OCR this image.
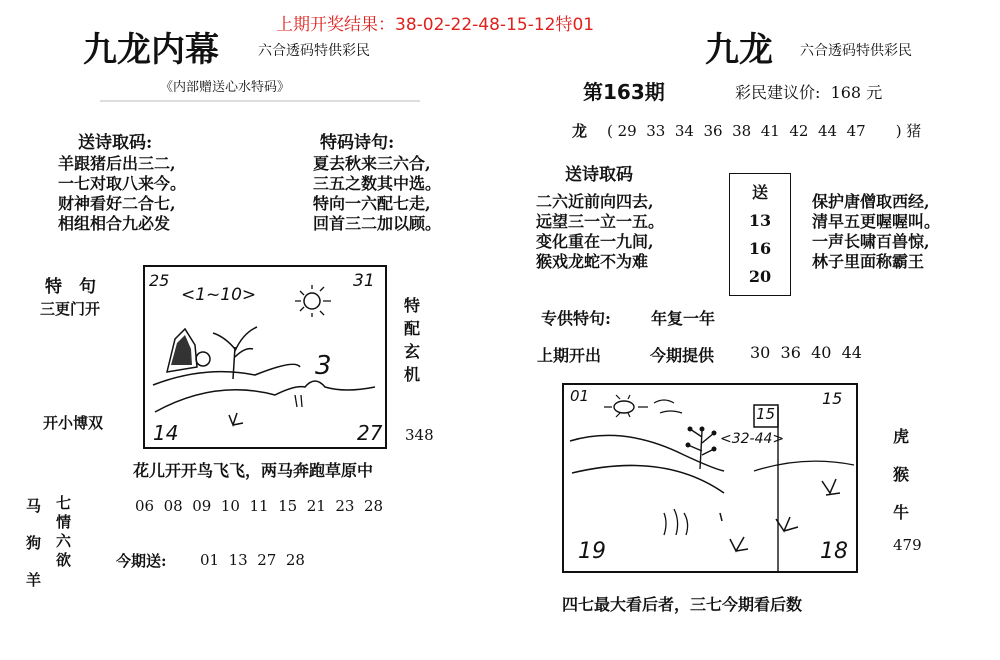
上期开奖结果：38-02-22-48-15-12特01
九龙内幕	六合透码特供彩民
《内部赠送心水特码》
送诗取码:
羊跟猪后出三二,
一七对取八来今。
财神看好二合七,
相组相合九必发
特码诗句:
夏去秋来三六合,
三五之数其中选。
特向一六配七走,
回首三二加以顾。
特　句
三更门开
开小博双
25	31
<1~10>
3
14	27
特
配
玄
机
348
花儿开开鸟飞飞，两马奔跑草原中
马
狗
羊
七
情
六
欲
06  08  09  10  11  15  21  23  28
今期送: 01  13  27  28
九龙 六合透码特供彩民
第163期	彩民建议价:  168 元
龙 ( 29  33  34  36  38  41  42  44  47　　) 猪
送诗取码
二六近前向四去,
远望三一立一五。
变化重在一九间,
猴戏龙蛇不为难
送
13
16
20
保护唐僧取西经,
清早五更喔喔叫。
一声长啸百兽惊,
林子里面称霸王
专供特句:	年复一年
上期开出	今期提供 30  36  40  44
01	15
15
<32-44>
19	18
虎
猴
牛
479
四七最大看后者，三七今期看后数
